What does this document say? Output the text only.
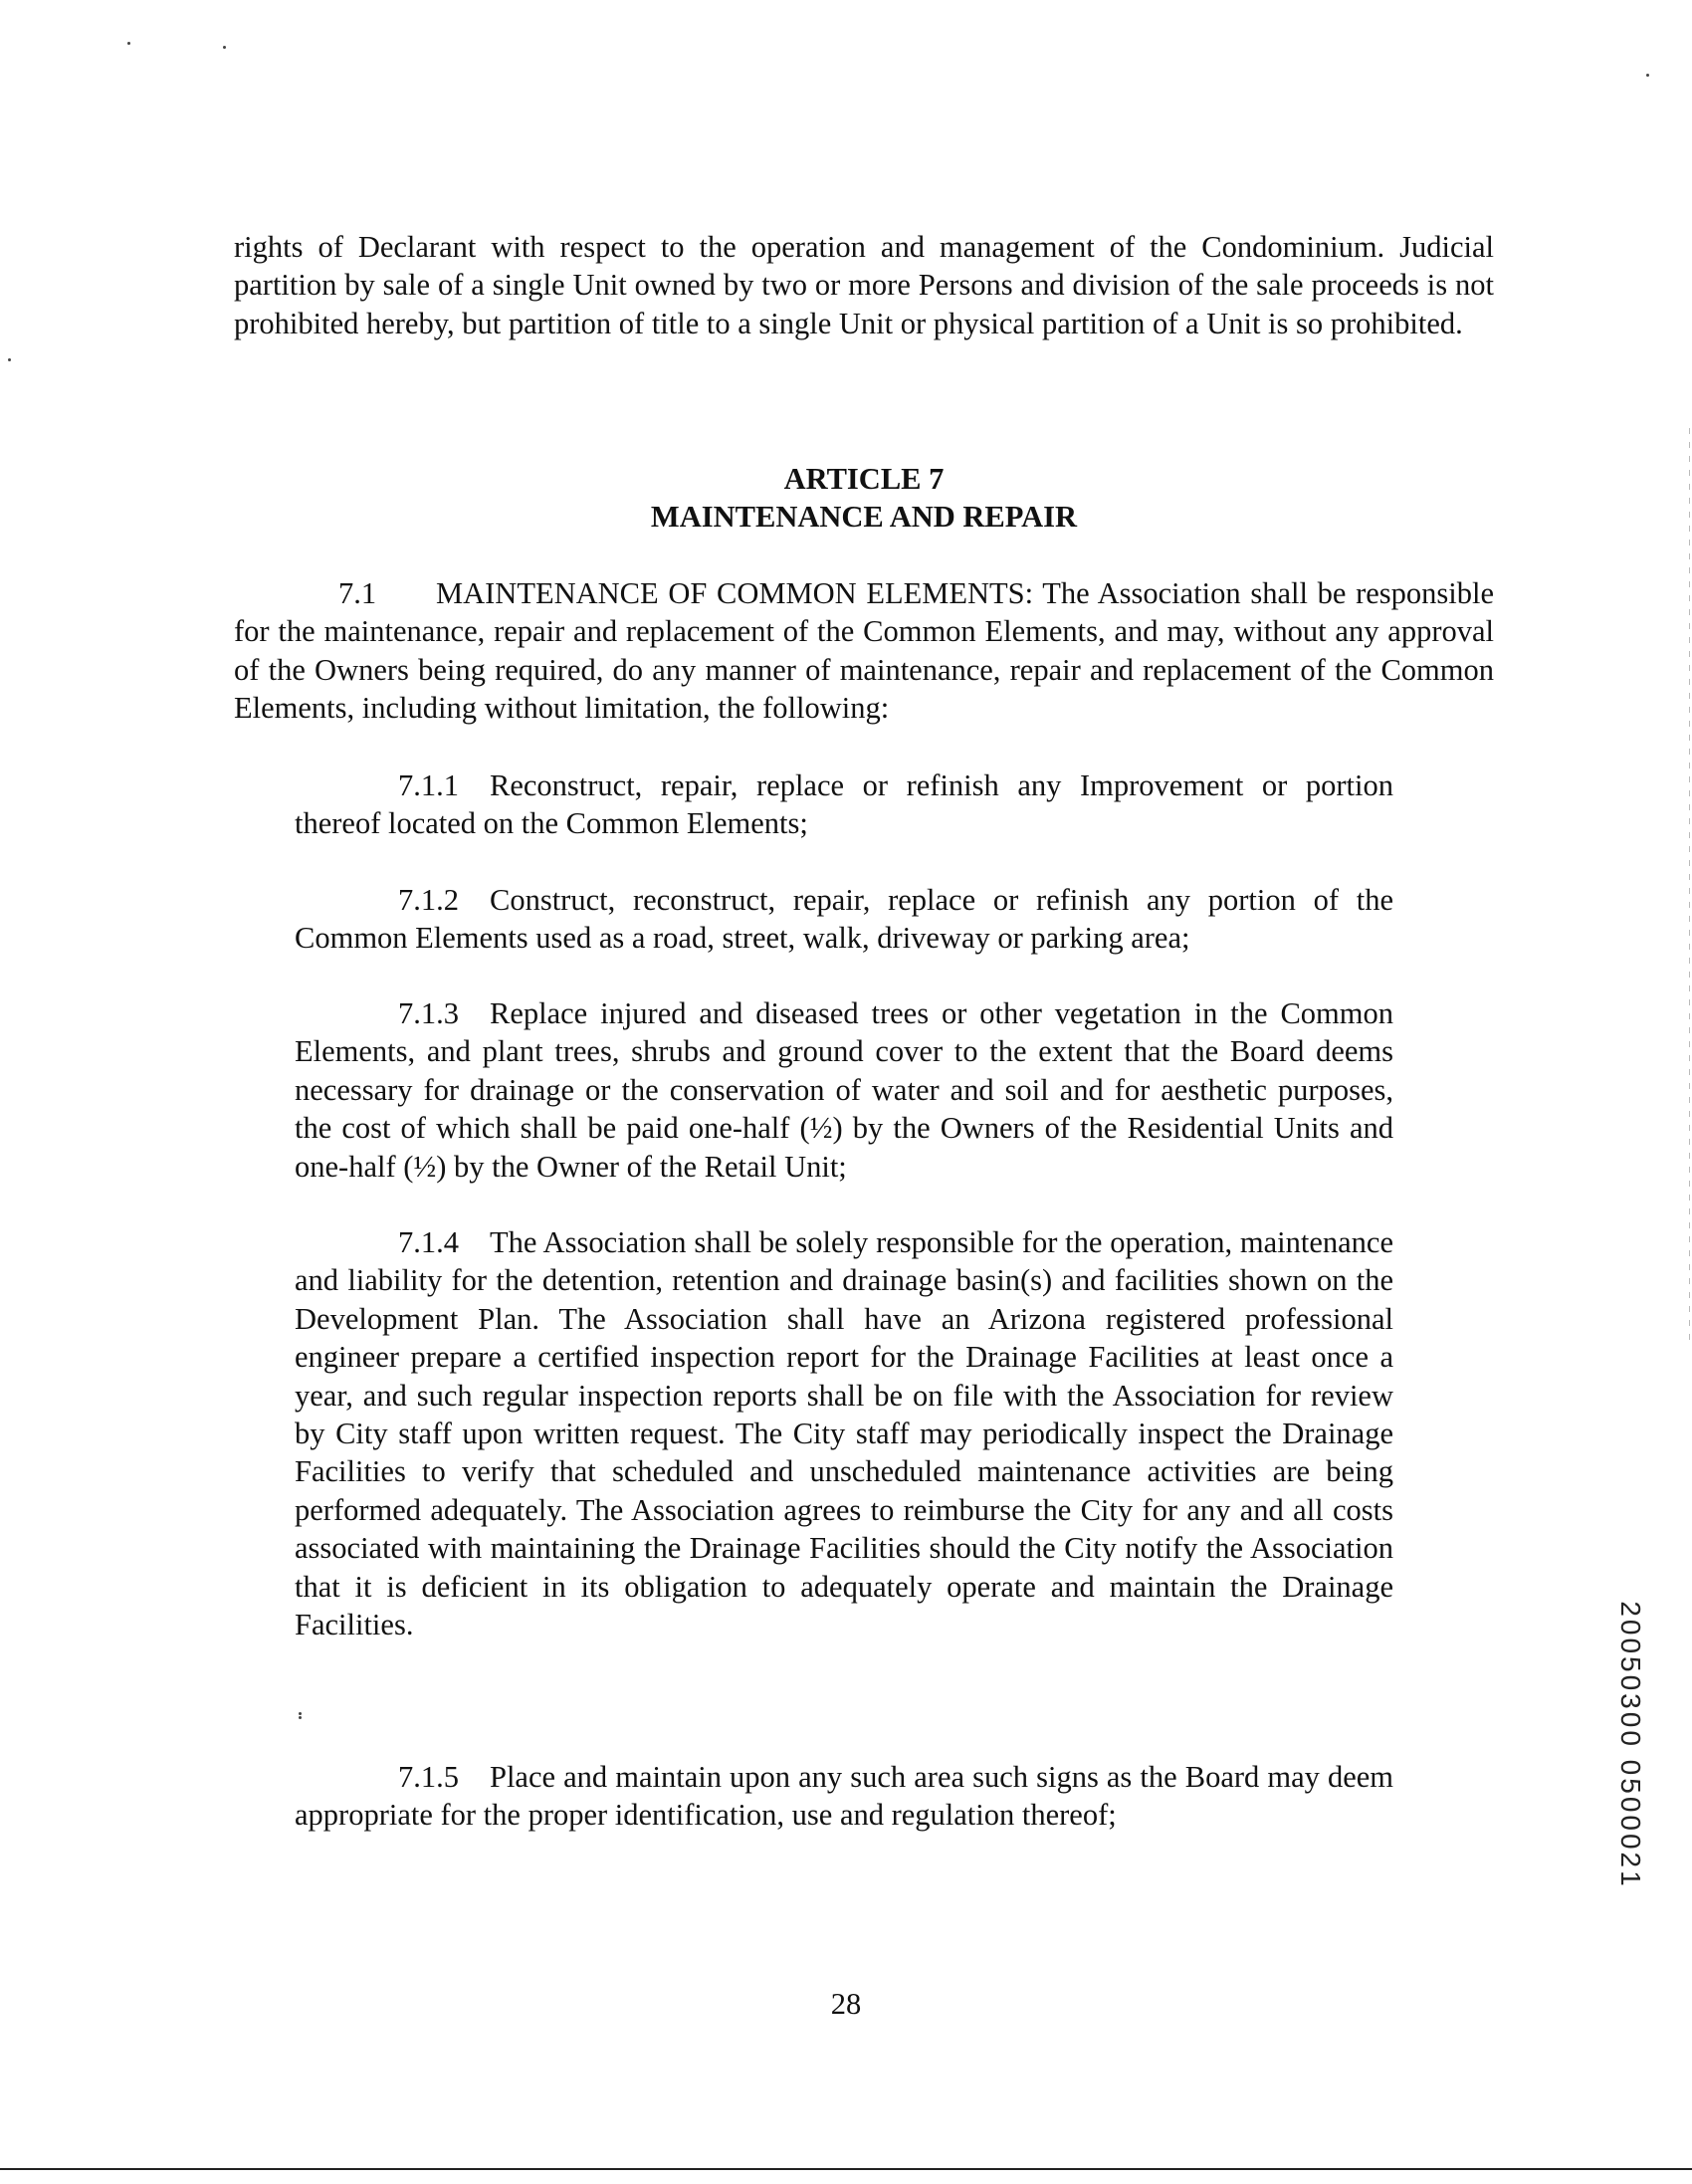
rights of Declarant with respect to the operation and management of the Condominium. Judicial partition by sale of a single Unit owned by two or more Persons and division of the sale proceeds is not prohibited hereby, but partition of title to a single Unit or physical partition of a Unit is so prohibited.

ARTICLE 7
MAINTENANCE AND REPAIR

7.1 MAINTENANCE OF COMMON ELEMENTS: The Association shall be responsible for the maintenance, repair and replacement of the Common Elements, and may, without any approval of the Owners being required, do any manner of maintenance, repair and replacement of the Common Elements, including without limitation, the following:

7.1.1 Reconstruct, repair, replace or refinish any Improvement or portion thereof located on the Common Elements;

7.1.2 Construct, reconstruct, repair, replace or refinish any portion of the Common Elements used as a road, street, walk, driveway or parking area;

7.1.3 Replace injured and diseased trees or other vegetation in the Common Elements, and plant trees, shrubs and ground cover to the extent that the Board deems necessary for drainage or the conservation of water and soil and for aesthetic purposes, the cost of which shall be paid one-half (½) by the Owners of the Residential Units and one-half (½) by the Owner of the Retail Unit;

7.1.4 The Association shall be solely responsible for the operation, maintenance and liability for the detention, retention and drainage basin(s) and facilities shown on the Development Plan. The Association shall have an Arizona registered professional engineer prepare a certified inspection report for the Drainage Facilities at least once a year, and such regular inspection reports shall be on file with the Association for review by City staff upon written request. The City staff may periodically inspect the Drainage Facilities to verify that scheduled and unscheduled maintenance activities are being performed adequately. The Association agrees to reimburse the City for any and all costs associated with maintaining the Drainage Facilities should the City notify the Association that it is deficient in its obligation to adequately operate and maintain the Drainage Facilities.

7.1.5 Place and maintain upon any such area such signs as the Board may deem appropriate for the proper identification, use and regulation thereof;	20050300 0500021
28
